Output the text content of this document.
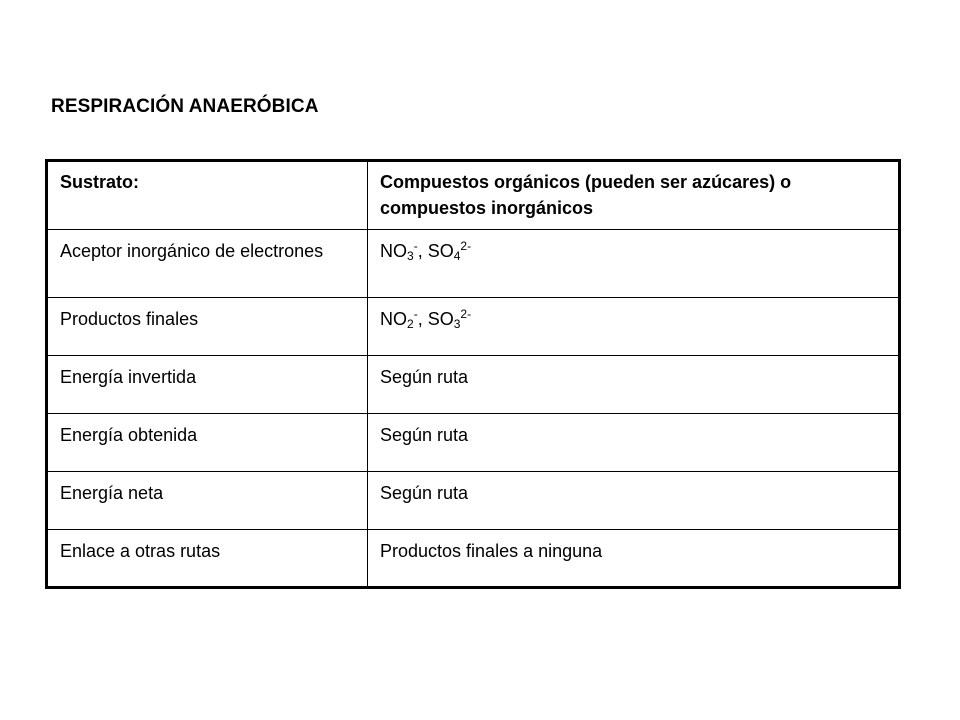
RESPIRACIÓN ANAERÓBICA
Sustrato:	Compuestos orgánicos (pueden ser azúcares) o compuestos inorgánicos
Aceptor inorgánico de electrones	$NO_3^-$, $SO_4^{2-}$
Productos finales	$NO_2^-$, $SO_3^{2-}$
Energía invertida	Según ruta
Energía obtenida	Según ruta
Energía neta	Según ruta
Enlace a otras rutas	Productos finales a ninguna
